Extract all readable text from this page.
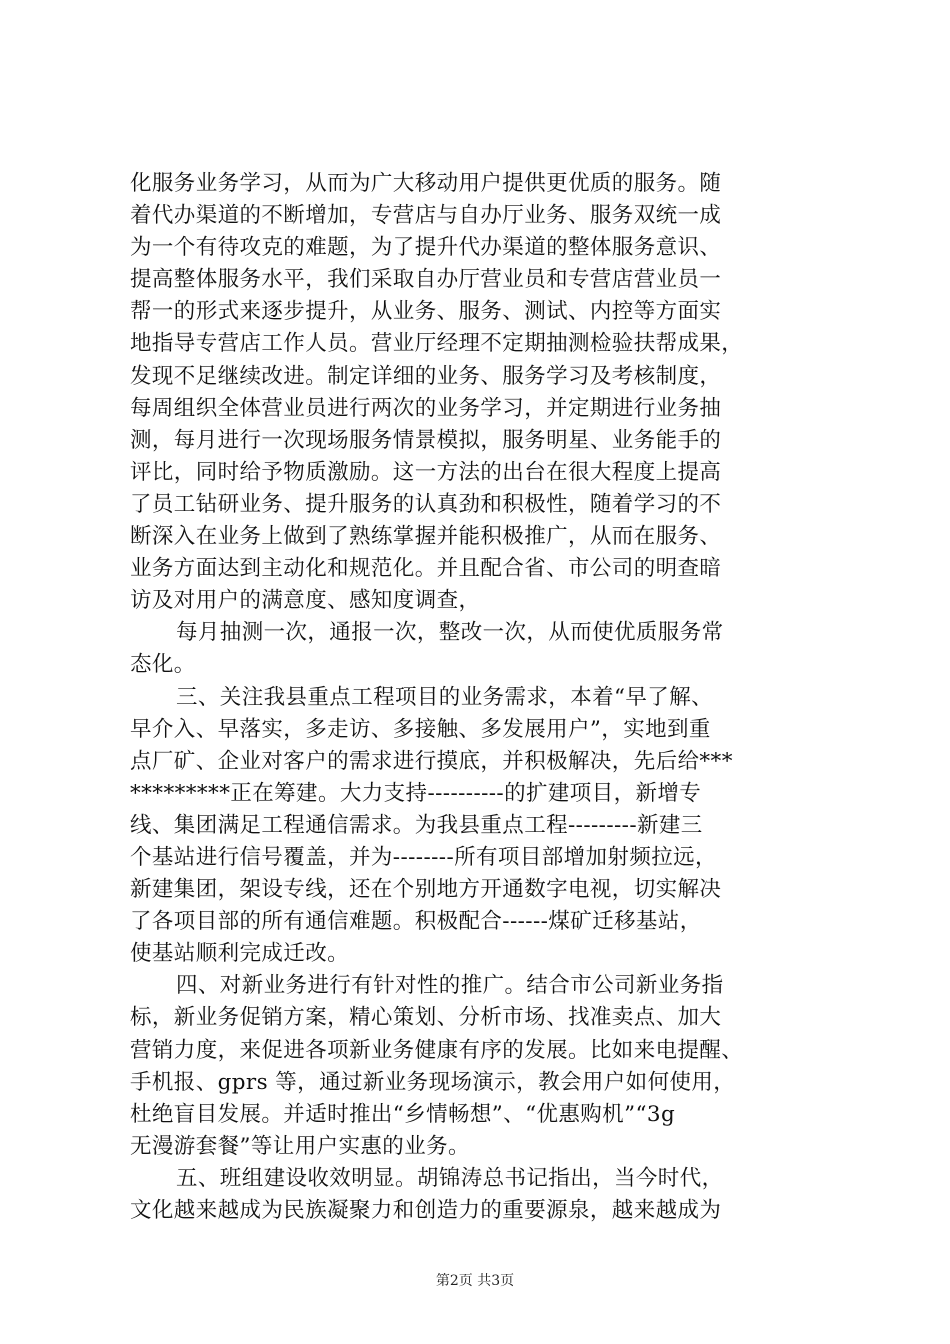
化服务业务学习，从而为广大移动用户提供更优质的服务。随
着代办渠道的不断增加，专营店与自办厅业务、服务双统一成
为一个有待攻克的难题，为了提升代办渠道的整体服务意识、
提高整体服务水平，我们采取自办厅营业员和专营店营业员一
帮一的形式来逐步提升，从业务、服务、测试、内控等方面实
地指导专营店工作人员。营业厅经理不定期抽测检验扶帮成果，
发现不足继续改进。制定详细的业务、服务学习及考核制度，
每周组织全体营业员进行两次的业务学习，并定期进行业务抽
测，每月进行一次现场服务情景模拟，服务明星、业务能手的
评比，同时给予物质激励。这一方法的出台在很大程度上提高
了员工钻研业务、提升服务的认真劲和积极性，随着学习的不
断深入在业务上做到了熟练掌握并能积极推广，从而在服务、
业务方面达到主动化和规范化。并且配合省、市公司的明查暗
访及对用户的满意度、感知度调查，
每月抽测一次，通报一次，整改一次，从而使优质服务常
态化。
三、关注我县重点工程项目的业务需求，本着“早了解、
早介入、早落实，多走访、多接触、多发展用户”，实地到重
点厂矿、企业对客户的需求进行摸底，并积极解决，先后给***
*********正在筹建。大力支持----------的扩建项目，新增专
线、集团满足工程通信需求。为我县重点工程---------新建三
个基站进行信号覆盖，并为--------所有项目部增加射频拉远，
新建集团，架设专线，还在个别地方开通数字电视，切实解决
了各项目部的所有通信难题。积极配合------煤矿迁移基站，
使基站顺利完成迁改。
四、对新业务进行有针对性的推广。结合市公司新业务指
标，新业务促销方案，精心策划、分析市场、找准卖点、加大
营销力度，来促进各项新业务健康有序的发展。比如来电提醒、
手机报、gprs 等，通过新业务现场演示，教会用户如何使用，
杜绝盲目发展。并适时推出“乡情畅想”、“优惠购机”“3g
无漫游套餐”等让用户实惠的业务。
五、班组建设收效明显。胡锦涛总书记指出，当今时代，
文化越来越成为民族凝聚力和创造力的重要源泉，越来越成为
第2页 共3页
